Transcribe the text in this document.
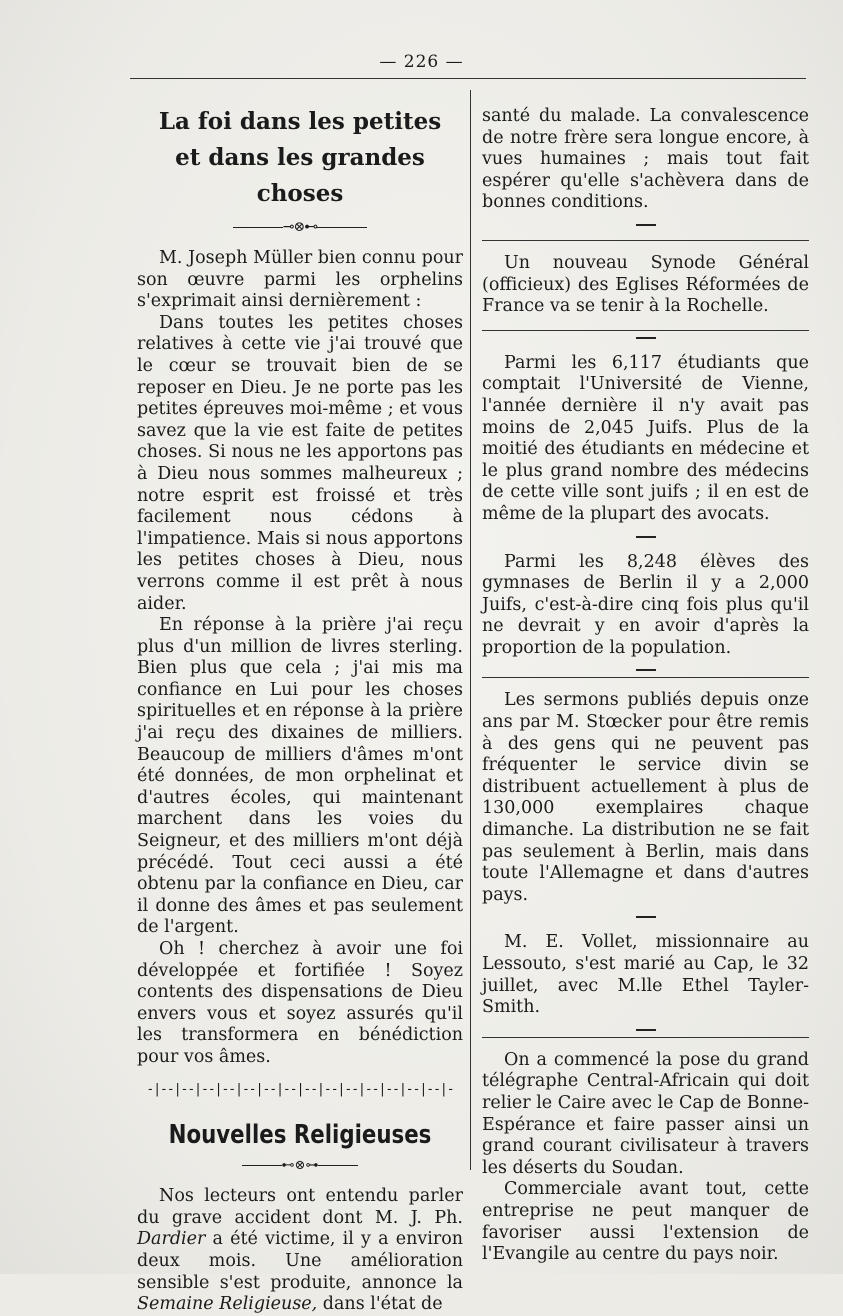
— 226 —
La foi dans les petites
et dans les grandes choses
⊸⊗⊷

M. Joseph Müller bien connu pour son œuvre parmi les orphelins s'exprimait ainsi dernièrement :

Dans toutes les petites choses relatives à cette vie j'ai trouvé que le cœur se trouvait bien de se reposer en Dieu. Je ne porte pas les petites épreuves moi-même ; et vous savez que la vie est faite de petites choses. Si nous ne les apportons pas à Dieu nous sommes malheureux ; notre esprit est froissé et très facilement nous cédons à l'impatience. Mais si nous apportons les petites choses à Dieu, nous verrons comme il est prêt à nous aider.

En réponse à la prière j'ai reçu plus d'un million de livres sterling. Bien plus que cela ; j'ai mis ma confiance en Lui pour les choses spirituelles et en réponse à la prière j'ai reçu des dixaines de milliers. Beaucoup de milliers d'âmes m'ont été données, de mon orphelinat et d'autres écoles, qui maintenant marchent dans les voies du Seigneur, et des milliers m'ont déjà précédé. Tout ceci aussi a été obtenu par la confiance en Dieu, car il donne des âmes et pas seulement de l'argent.

Oh ! cherchez à avoir une foi développée et fortifiée ! Soyez contents des dispensations de Dieu envers vous et soyez assurés qu'il les transformera en bénédiction pour vos âmes.

-|--|--|--|--|--|--|--|--|--|--|--|--|--|--|-
Nouvelles Religieuses
⊷⊗⊶

Nos lecteurs ont entendu parler du grave accident dont M. J. Ph. Dardier a été victime, il y a environ deux mois. Une amélioration sensible s'est produite, annonce la Semaine Religieuse, dans l'état de

santé du malade. La convalescence de notre frère sera longue encore, à vues humaines ; mais tout fait espérer qu'elle s'achèvera dans de bonnes conditions.

Un nouveau Synode Général (officieux) des Eglises Réformées de France va se tenir à la Rochelle.

Parmi les 6,117 étudiants que comptait l'Université de Vienne, l'année dernière il n'y avait pas moins de 2,045 Juifs. Plus de la moitié des étudiants en médecine et le plus grand nombre des médecins de cette ville sont juifs ; il en est de même de la plupart des avocats.

Parmi les 8,248 élèves des gymnases de Berlin il y a 2,000 Juifs, c'est-à-dire cinq fois plus qu'il ne devrait y en avoir d'après la proportion de la population.

Les sermons publiés depuis onze ans par M. Stœcker pour être remis à des gens qui ne peuvent pas fréquenter le service divin se distribuent actuellement à plus de 130,000 exemplaires chaque dimanche. La distribution ne se fait pas seulement à Berlin, mais dans toute l'Allemagne et dans d'autres pays.

M. E. Vollet, missionnaire au Lessouto, s'est marié au Cap, le 32 juillet, avec M.lle Ethel Tayler-Smith.

On a commencé la pose du grand télégraphe Central-Africain qui doit relier le Caire avec le Cap de Bonne-Espérance et faire passer ainsi un grand courant civilisateur à travers les déserts du Soudan.

Commerciale avant tout, cette entreprise ne peut manquer de favoriser aussi l'extension de l'Evangile au centre du pays noir.
